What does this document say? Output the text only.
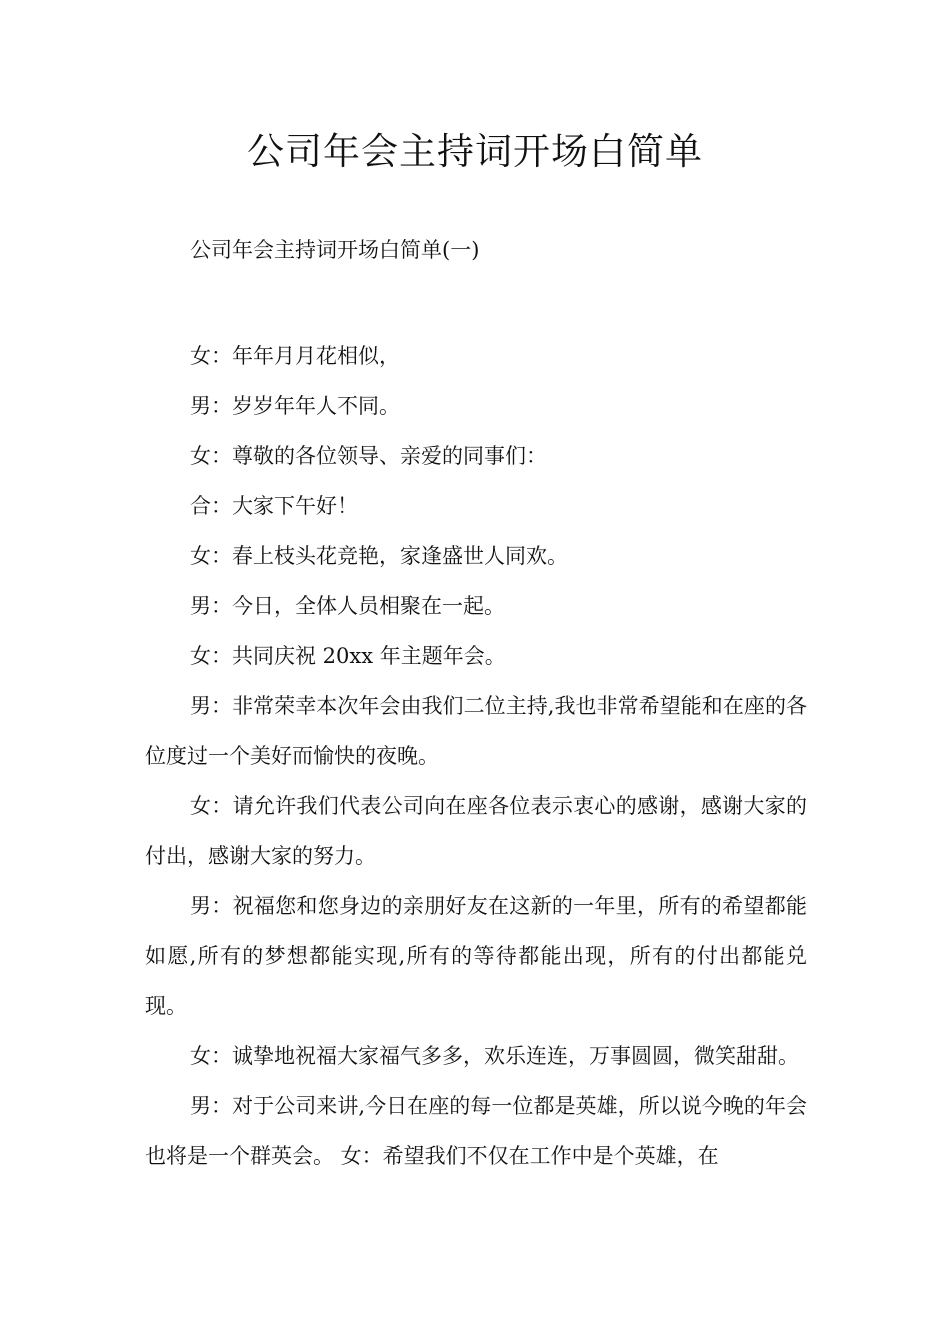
公司年会主持词开场白简单

公司年会主持词开场白简单(一)

女：年年月月花相似，

男：岁岁年年人不同。

女：尊敬的各位领导、亲爱的同事们：

合：大家下午好！

女：春上枝头花竞艳，家逢盛世人同欢。

男：今日，全体人员相聚在一起。

女：共同庆祝 20xx 年主题年会。

男：非常荣幸本次年会由我们二位主持,我也非常希望能和在座的各位度过一个美好而愉快的夜晚。

女：请允许我们代表公司向在座各位表示衷心的感谢，感谢大家的付出，感谢大家的努力。

男：祝福您和您身边的亲朋好友在这新的一年里，所有的希望都能如愿,所有的梦想都能实现,所有的等待都能出现，所有的付出都能兑现。

女：诚挚地祝福大家福气多多，欢乐连连，万事圆圆，微笑甜甜。

男：对于公司来讲,今日在座的每一位都是英雄，所以说今晚的年会也将是一个群英会。 女：希望我们不仅在工作中是个英雄，在
